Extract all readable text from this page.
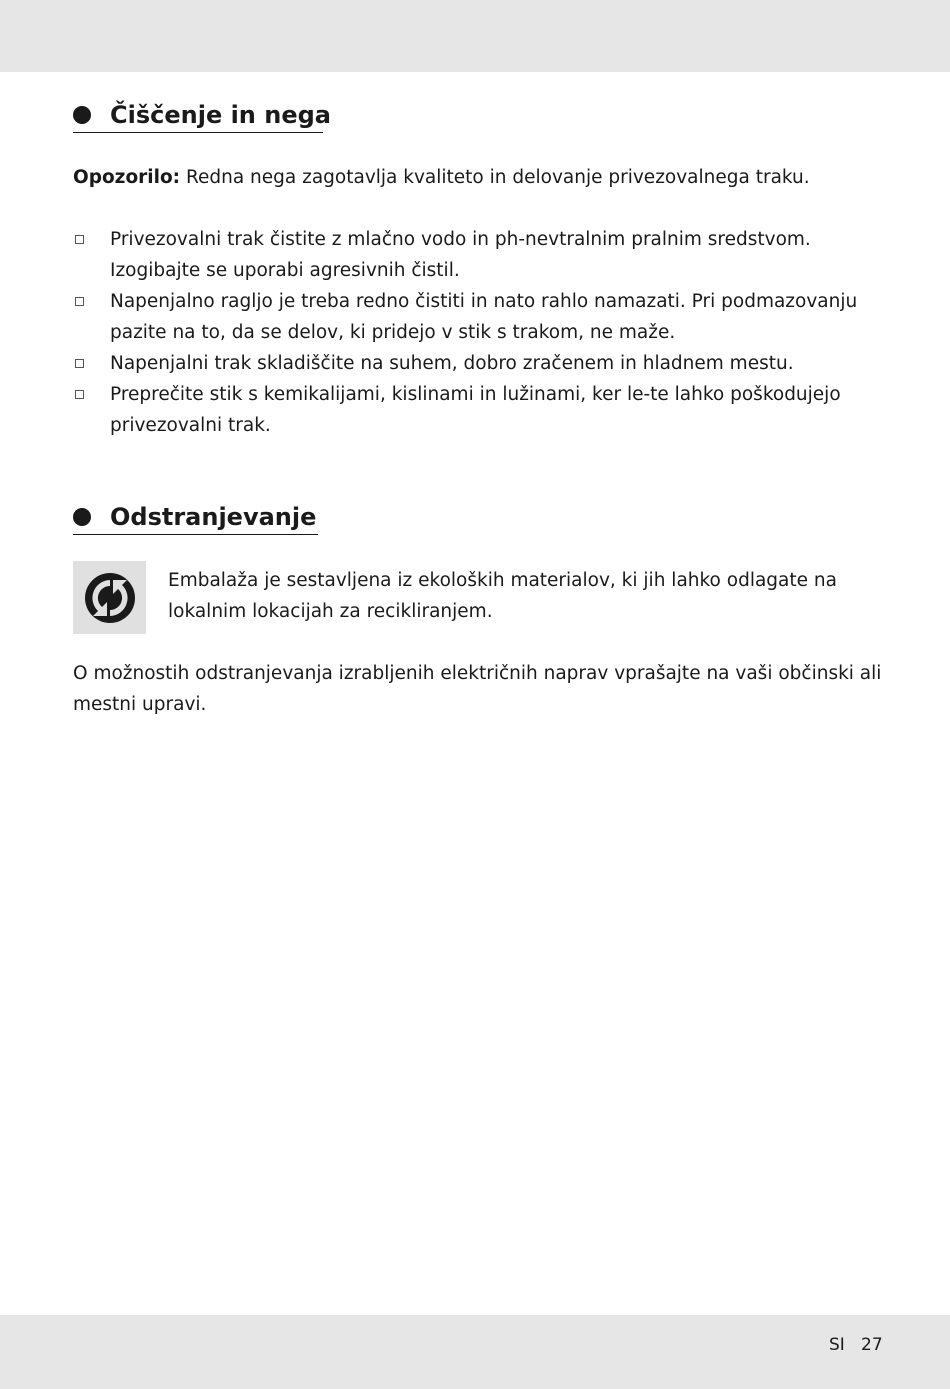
Čiščenje in nega

Opozorilo: Redna nega zagotavlja kvaliteto in delovanje privezovalnega traku.

Privezovalni trak čistite z mlačno vodo in ph-nevtralnim pralnim sredstvom. Izogibajte se uporabi agresivnih čistil.
Napenjalno ragljo je treba redno čistiti in nato rahlo namazati. Pri podmazovanju pazite na to, da se delov, ki pridejo v stik s trakom, ne maže.
Napenjalni trak skladiščite na suhem, dobro zračenem in hladnem mestu.
Preprečite stik s kemikalijami, kislinami in lužinami, ker le-te lahko poškodujejo privezovalni trak.
Odstranjevanje

Embalaža je sestavljena iz ekoloških materialov, ki jih lahko odlagate na lokalnim lokacijah za recikliranjem.

O možnostih odstranjevanja izrabljenih električnih naprav vprašajte na vaši občinski ali mestni upravi.

SI 27
